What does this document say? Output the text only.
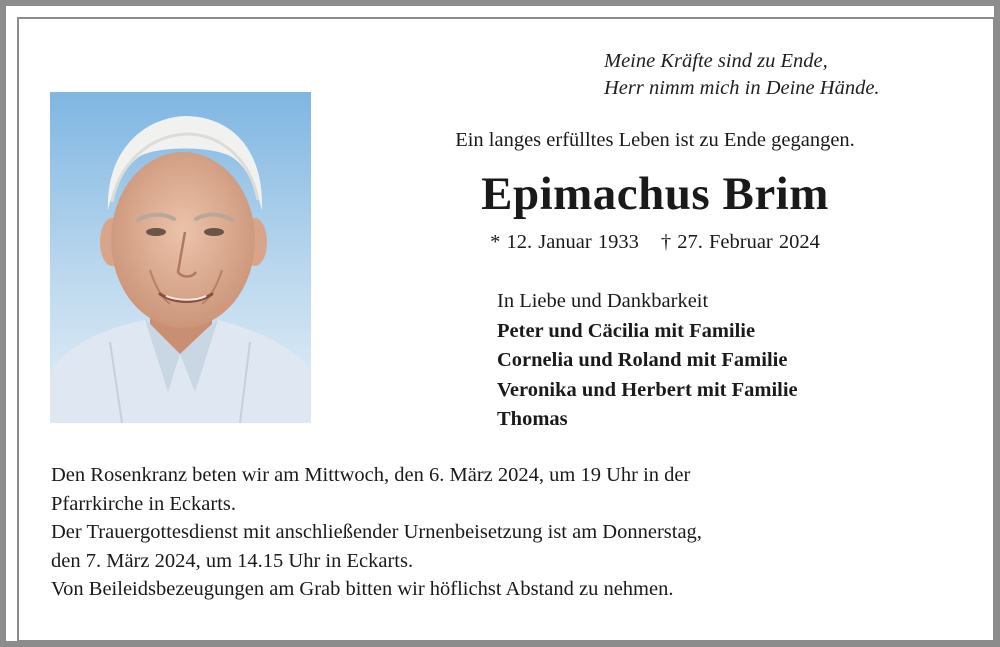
Meine Kräfte sind zu Ende,
Herr nimm mich in Deine Hände.
Ein langes erfülltes Leben ist zu Ende gegangen.
Epimachus Brim
* 12. Januar 1933 † 27. Februar 2024
In Liebe und Dankbarkeit
Peter und Cäcilia mit Familie
Cornelia und Roland mit Familie
Veronika und Herbert mit Familie
Thomas
Den Rosenkranz beten wir am Mittwoch, den 6. März 2024, um 19 Uhr in der
Pfarrkirche in Eckarts.
Der Trauergottesdienst mit anschließender Urnenbeisetzung ist am Donnerstag,
den 7. März 2024, um 14.15 Uhr in Eckarts.
Von Beileidsbezeugungen am Grab bitten wir höflichst Abstand zu nehmen.
